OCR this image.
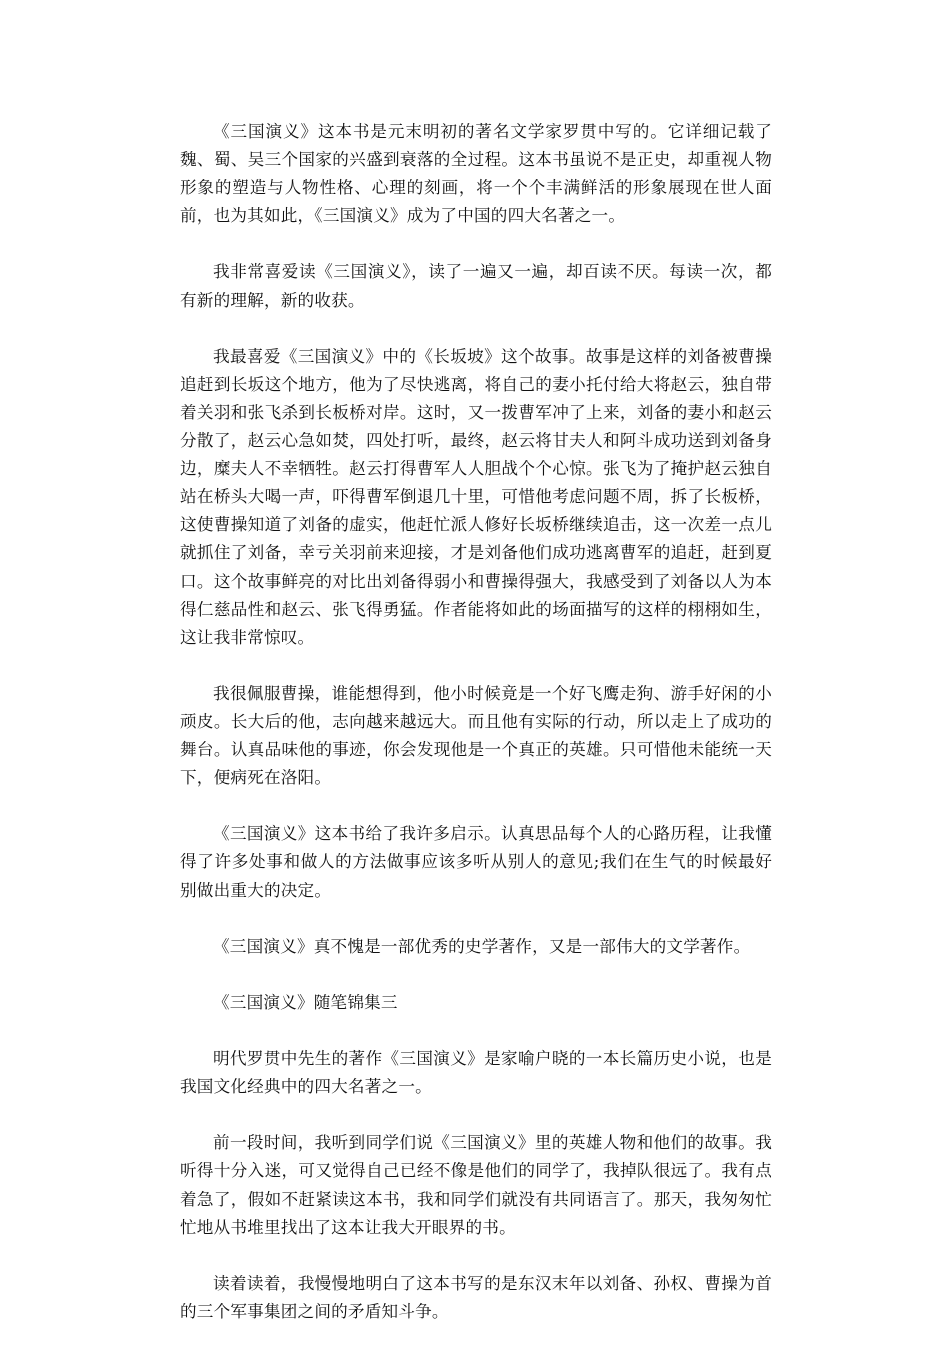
《三国演义》这本书是元末明初的著名文学家罗贯中写的。它详细记载了魏、蜀、吴三个国家的兴盛到衰落的全过程。这本书虽说不是正史，却重视人物形象的塑造与人物性格、心理的刻画，将一个个丰满鲜活的形象展现在世人面前，也为其如此，《三国演义》成为了中国的四大名著之一。

我非常喜爱读《三国演义》，读了一遍又一遍，却百读不厌。每读一次，都有新的理解，新的收获。

我最喜爱《三国演义》中的《长坂坡》这个故事。故事是这样的刘备被曹操追赶到长坂这个地方，他为了尽快逃离，将自己的妻小托付给大将赵云，独自带着关羽和张飞杀到长板桥对岸。这时，又一拨曹军冲了上来，刘备的妻小和赵云分散了，赵云心急如焚，四处打听，最终，赵云将甘夫人和阿斗成功送到刘备身边，糜夫人不幸牺牲。赵云打得曹军人人胆战个个心惊。张飞为了掩护赵云独自站在桥头大喝一声，吓得曹军倒退几十里，可惜他考虑问题不周，拆了长板桥，这使曹操知道了刘备的虚实，他赶忙派人修好长坂桥继续追击，这一次差一点儿就抓住了刘备，幸亏关羽前来迎接，才是刘备他们成功逃离曹军的追赶，赶到夏口。这个故事鲜亮的对比出刘备得弱小和曹操得强大，我感受到了刘备以人为本得仁慈品性和赵云、张飞得勇猛。作者能将如此的场面描写的这样的栩栩如生，这让我非常惊叹。

我很佩服曹操，谁能想得到，他小时候竟是一个好飞鹰走狗、游手好闲的小顽皮。长大后的他，志向越来越远大。而且他有实际的行动，所以走上了成功的舞台。认真品味他的事迹，你会发现他是一个真正的英雄。只可惜他未能统一天下，便病死在洛阳。

《三国演义》这本书给了我许多启示。认真思品每个人的心路历程，让我懂得了许多处事和做人的方法做事应该多听从别人的意见;我们在生气的时候最好别做出重大的决定。

《三国演义》真不愧是一部优秀的史学著作，又是一部伟大的文学著作。

《三国演义》随笔锦集三

明代罗贯中先生的著作《三国演义》是家喻户晓的一本长篇历史小说，也是我国文化经典中的四大名著之一。

前一段时间，我听到同学们说《三国演义》里的英雄人物和他们的故事。我听得十分入迷，可又觉得自己已经不像是他们的同学了，我掉队很远了。我有点着急了，假如不赶紧读这本书，我和同学们就没有共同语言了。那天，我匆匆忙忙地从书堆里找出了这本让我大开眼界的书。

读着读着，我慢慢地明白了这本书写的是东汉末年以刘备、孙权、曹操为首的三个军事集团之间的矛盾知斗争。
